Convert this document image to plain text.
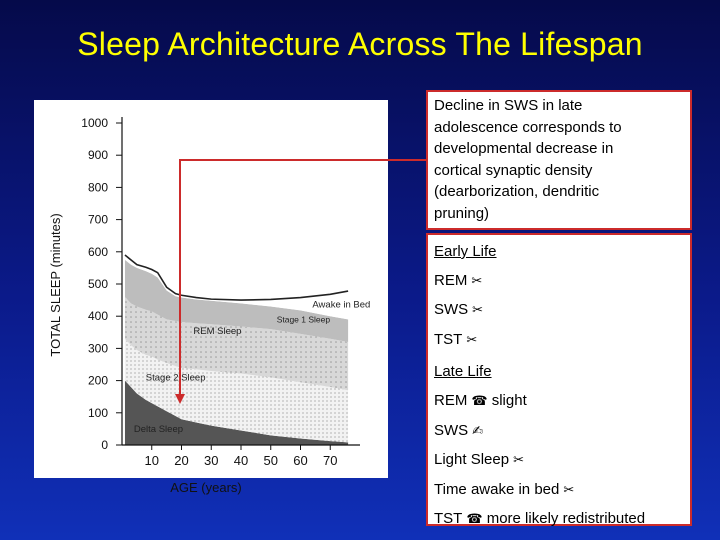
Sleep Architecture Across The Lifespan
0
100
200
300
400
500
600
700
800
900
1000
10 20 30 40 50 60 70
Awake in Bed
Stage 1 Sleep
REM Sleep
Stage 2 Sleep
Delta Sleep
AGE (years)
TOTAL SLEEP (minutes)
Decline in SWS in late
adolescence corresponds to
developmental decrease in
cortical synaptic density
(dearborization, dendritic
pruning)
Early Life
REM ✂
SWS ✂
TST ✂
Late Life
REM ☎ slight
SWS ✍
Light Sleep ✂
Time awake in bed ✂
TST ☎ more likely redistributed
